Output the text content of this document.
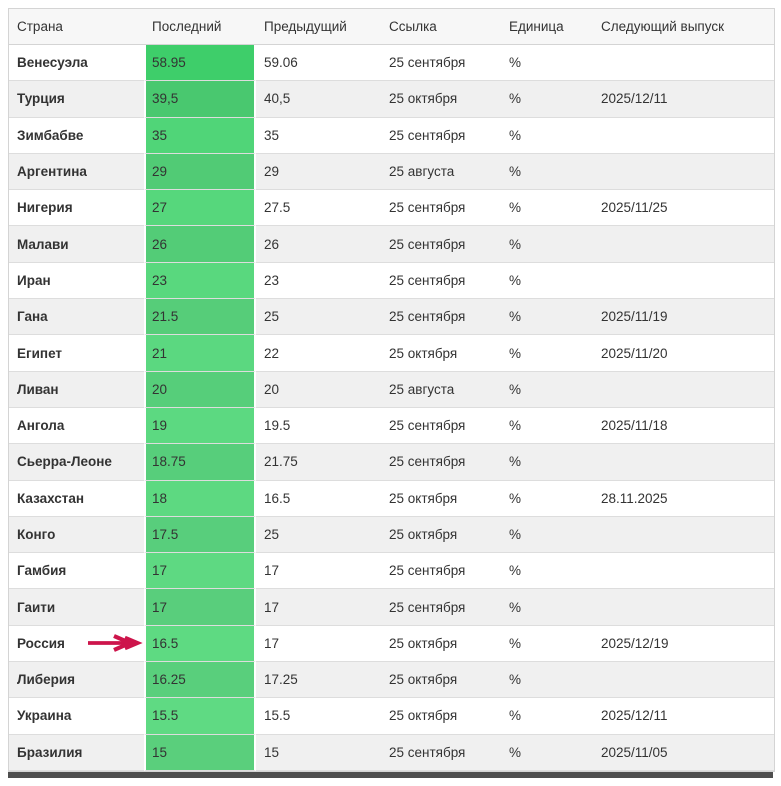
Страна	Последний	Предыдущий	Ссылка	Единица	Следующий выпуск
Венесуэла	58.95	59.06	25 сентября	%	
Турция	39,5	40,5	25 октября	%	2025/12/11
Зимбабве	35	35	25 сентября	%	
Аргентина	29	29	25 августа	%	
Нигерия	27	27.5	25 сентября	%	2025/11/25
Малави	26	26	25 сентября	%	
Иран	23	23	25 сентября	%	
Гана	21.5	25	25 сентября	%	2025/11/19
Египет	21	22	25 октября	%	2025/11/20
Ливан	20	20	25 августа	%	
Ангола	19	19.5	25 сентября	%	2025/11/18
Сьерра-Леоне	18.75	21.75	25 сентября	%	
Казахстан	18	16.5	25 октября	%	28.11.2025
Конго	17.5	25	25 октября	%	
Гамбия	17	17	25 сентября	%	
Гаити	17	17	25 сентября	%	
Россия	16.5	17	25 октября	%	2025/12/19
Либерия	16.25	17.25	25 октября	%	
Украина	15.5	15.5	25 октября	%	2025/12/11
Бразилия	15	15	25 сентября	%	2025/11/05
